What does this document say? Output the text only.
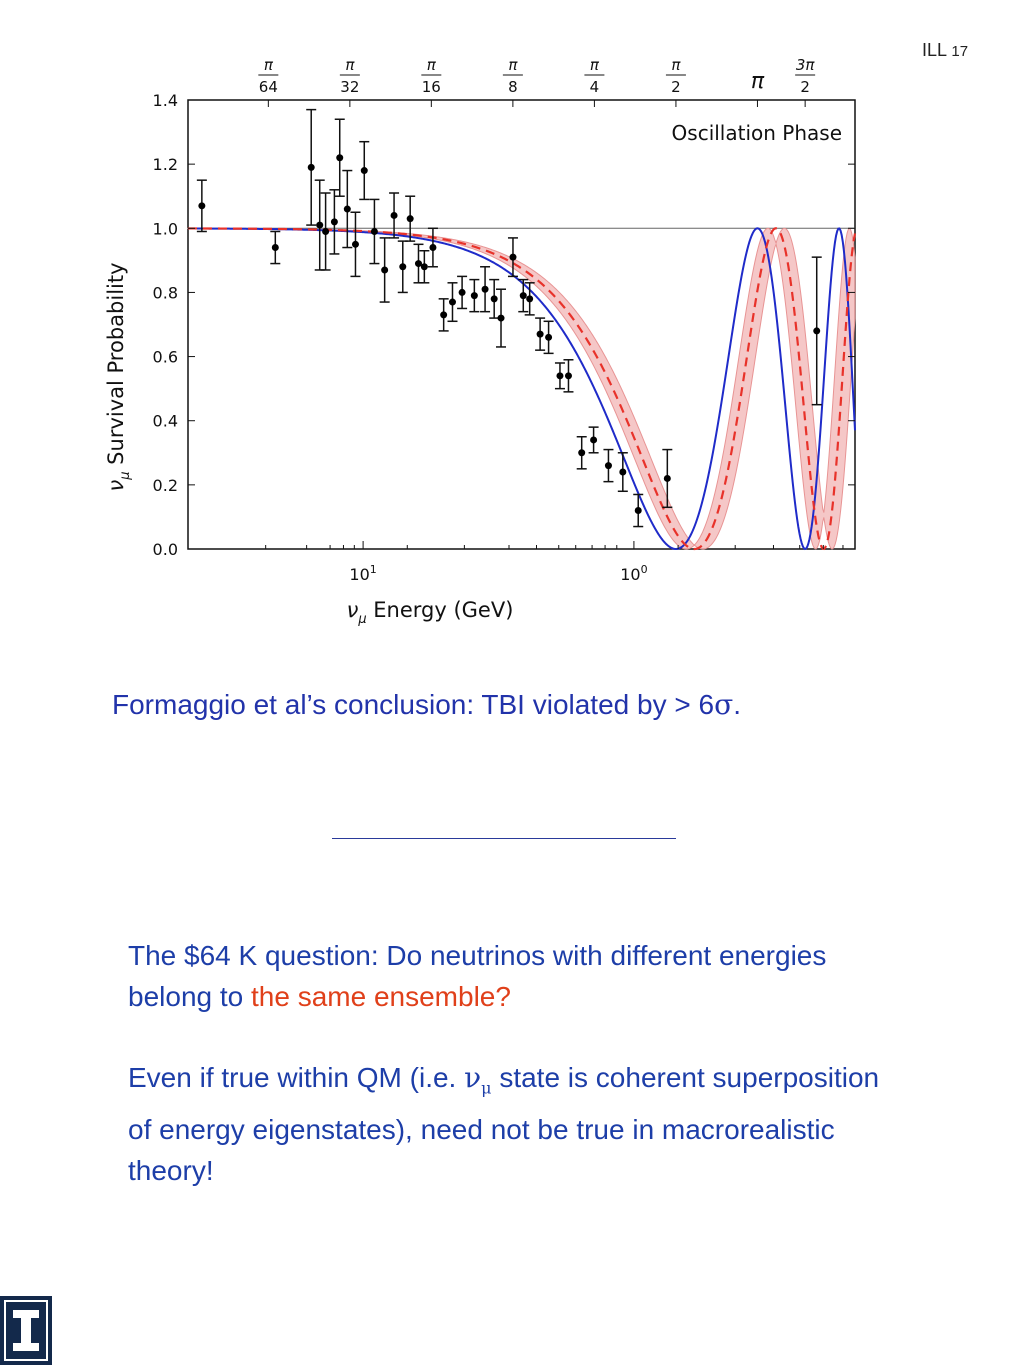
ILL 17
0.0
0.2
0.4
0.6
0.8
1.0
1.2
1.4
$10^1$	$10^0$
π
64
π
32
π
16
π
8
π
4
π
2	π
3π
2
Oscillation Phase
$\nu_\mu$ Energy (GeV)
$\nu_\mu$ Survival Probability
Formaggio et al’s conclusion: TBI violated by > 6σ.
The $64 K question: Do neutrinos with different energies belong to the same ensemble?
Even if true within QM (i.e. $\nu_\mu$ state is coherent superposition of energy eigenstates), need not be true in macrorealistic theory!
